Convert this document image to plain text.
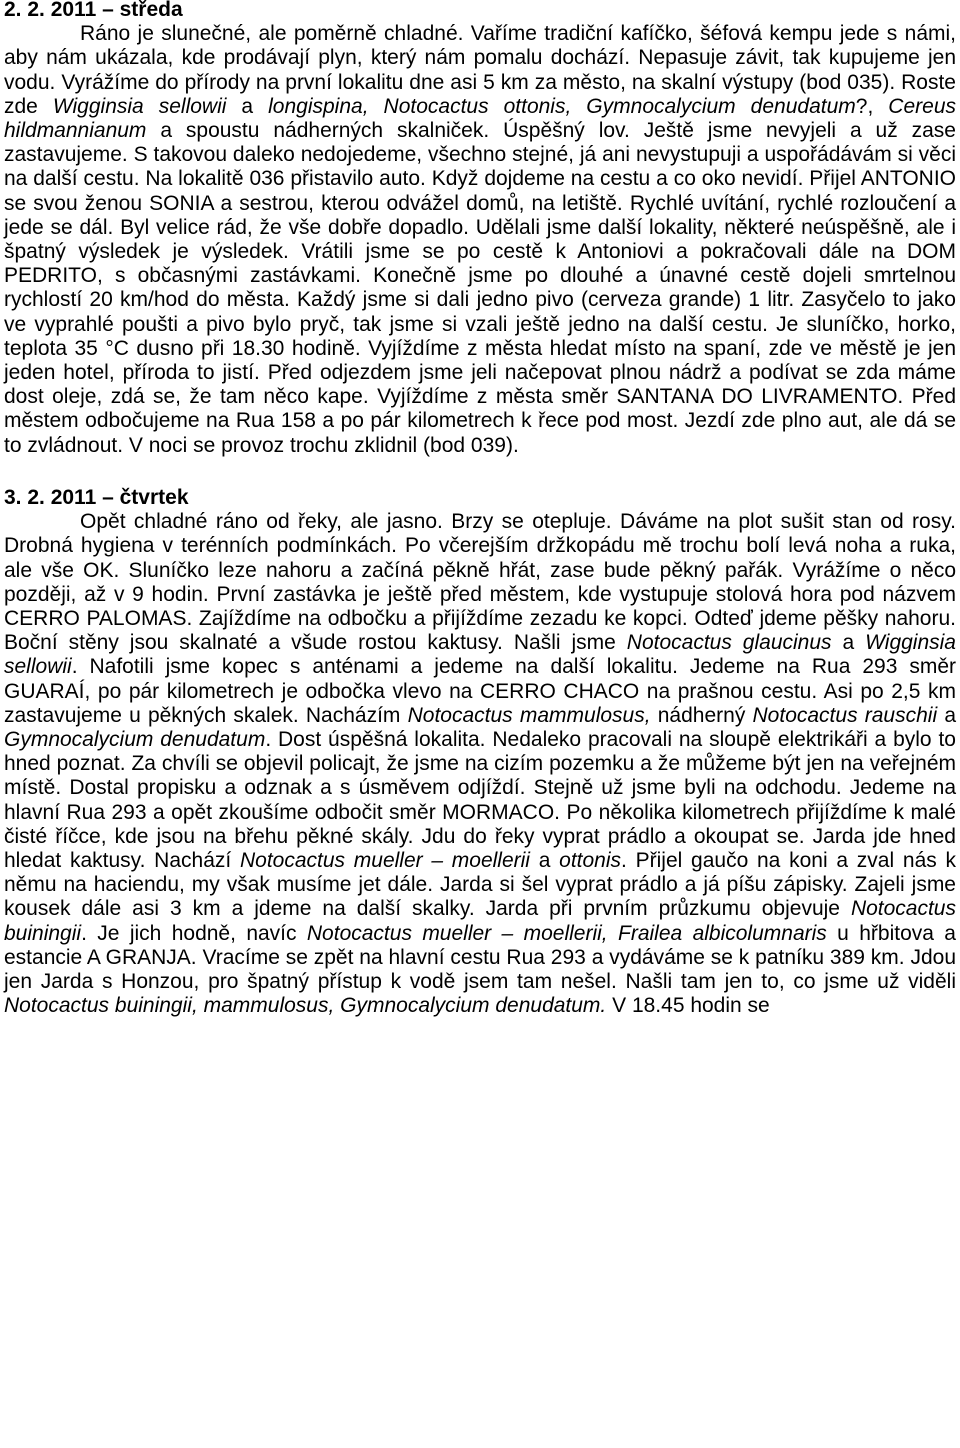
2. 2. 2011 – středa

Ráno je slunečné, ale poměrně chladné. Vaříme tradiční kafíčko, šéfová kempu jede s námi, aby nám ukázala, kde prodávají plyn, který nám pomalu dochází. Nepasuje závit, tak kupujeme jen vodu. Vyrážíme do přírody na první lokalitu dne asi 5 km za město, na skalní výstupy (bod 035). Roste zde Wigginsia sellowii a longispina, Notocactus ottonis, Gymnocalycium denudatum?, Cereus hildmannianum a spoustu nádherných skalniček. Úspěšný lov. Ještě jsme nevyjeli a už zase zastavujeme. S takovou daleko nedojedeme, všechno stejné, já ani nevystupuji a uspořádávám si věci na další cestu. Na lokalitě 036 přistavilo auto. Když dojdeme na cestu a co oko nevidí. Přijel ANTONIO se svou ženou SONIA a sestrou, kterou odvážel domů, na letiště. Rychlé uvítání, rychlé rozloučení a jede se dál. Byl velice rád, že vše dobře dopadlo. Udělali jsme další lokality, některé neúspěšně, ale i špatný výsledek je výsledek. Vrátili jsme se po cestě k Antoniovi a pokračovali dále na DOM PEDRITO, s občasnými zastávkami. Konečně jsme po dlouhé a únavné cestě dojeli smrtelnou rychlostí 20 km/hod do města. Každý jsme si dali jedno pivo (cerveza grande) 1 litr. Zasyčelo to jako ve vyprahlé poušti a pivo bylo pryč, tak jsme si vzali ještě jedno na další cestu. Je sluníčko, horko, teplota 35 °C dusno při 18.30 hodině. Vyjíždíme z města hledat místo na spaní, zde ve městě je jen jeden hotel, příroda to jistí. Před odjezdem jsme jeli načepovat plnou nádrž a podívat se zda máme dost oleje, zdá se, že tam něco kape. Vyjíždíme z města směr SANTANA DO LIVRAMENTO. Před městem odbočujeme na Rua 158 a po pár kilometrech k řece pod most. Jezdí zde plno aut, ale dá se to zvládnout. V noci se provoz trochu zklidnil (bod 039).

3. 2. 2011 – čtvrtek

Opět chladné ráno od řeky, ale jasno. Brzy se otepluje. Dáváme na plot sušit stan od rosy. Drobná hygiena v terénních podmínkách. Po včerejším držkopádu mě trochu bolí levá noha a ruka, ale vše OK. Sluníčko leze nahoru a začíná pěkně hřát, zase bude pěkný pařák. Vyrážíme o něco později, až v 9 hodin. První zastávka je ještě před městem, kde vystupuje stolová hora pod názvem CERRO PALOMAS. Zajíždíme na odbočku a přijíždíme zezadu ke kopci. Odteď jdeme pěšky nahoru. Boční stěny jsou skalnaté a všude rostou kaktusy. Našli jsme Notocactus glaucinus a Wigginsia sellowii. Nafotili jsme kopec s anténami a jedeme na další lokalitu. Jedeme na Rua 293 směr GUARAÍ, po pár kilometrech je odbočka vlevo na CERRO CHACO na prašnou cestu. Asi po 2,5 km zastavujeme u pěkných skalek. Nacházím Notocactus mammulosus, nádherný Notocactus rauschii a Gymnocalycium denudatum. Dost úspěšná lokalita. Nedaleko pracovali na sloupě elektrikáři a bylo to hned poznat. Za chvíli se objevil policajt, že jsme na cizím pozemku a že můžeme být jen na veřejném místě. Dostal propisku a odznak a s úsměvem odjíždí. Stejně už jsme byli na odchodu. Jedeme na hlavní Rua 293 a opět zkoušíme odbočit směr MORMACO. Po několika kilometrech přijíždíme k malé čisté říčce, kde jsou na břehu pěkné skály. Jdu do řeky vyprat prádlo a okoupat se. Jarda jde hned hledat kaktusy. Nachází Notocactus mueller – moellerii a ottonis. Přijel gaučo na koni a zval nás k němu na haciendu, my však musíme jet dále. Jarda si šel vyprat prádlo a já píšu zápisky. Zajeli jsme kousek dále asi 3 km a jdeme na další skalky. Jarda při prvním průzkumu objevuje Notocactus buiningii. Je jich hodně, navíc Notocactus mueller – moellerii, Frailea albicolumnaris u hřbitova a estancie A GRANJA. Vracíme se zpět na hlavní cestu Rua 293 a vydáváme se k patníku 389 km. Jdou jen Jarda s Honzou, pro špatný přístup k vodě jsem tam nešel. Našli tam jen to, co jsme už viděli Notocactus buiningii, mammulosus, Gymnocalycium denudatum. V 18.45 hodin se
